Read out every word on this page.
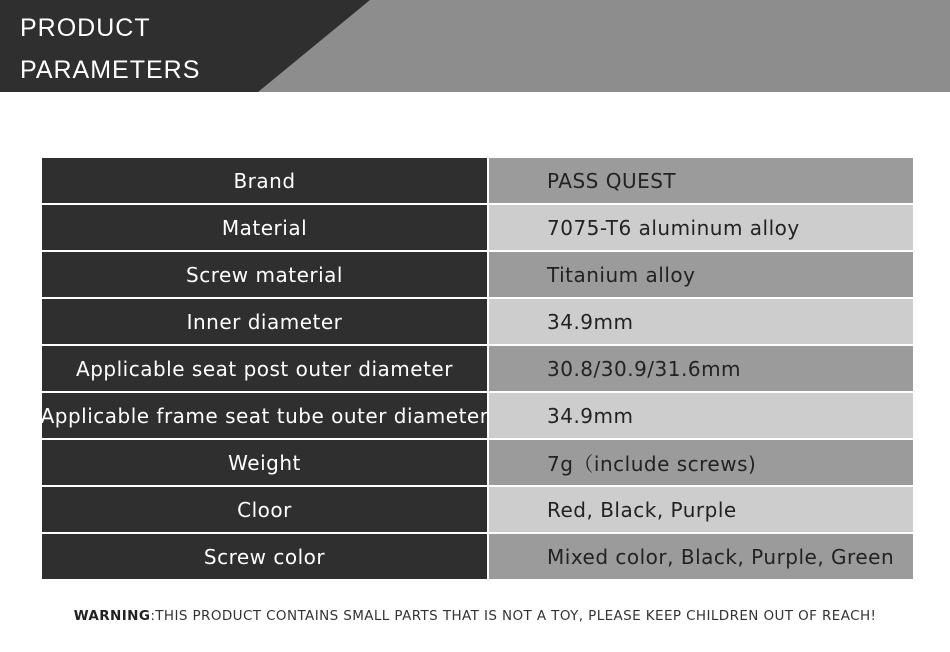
PRODUCT
PARAMETERS
Brand	PASS QUEST
Material	7075-T6 aluminum alloy
Screw material	Titanium alloy
Inner diameter	34.9mm
Applicable seat post outer diameter	30.8/30.9/31.6mm
Applicable frame seat tube outer diameter	34.9mm
Weight	7g（include screws)
Cloor	Red, Black, Purple
Screw color	Mixed color, Black, Purple, Green
WARNING:THIS PRODUCT CONTAINS SMALL PARTS THAT IS NOT A TOY, PLEASE KEEP CHILDREN OUT OF REACH!
